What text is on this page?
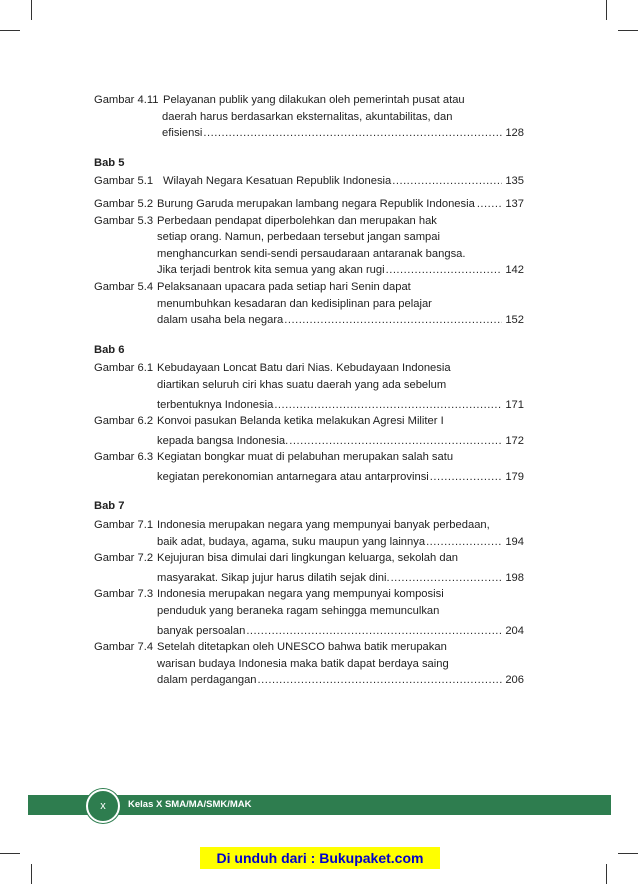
Gambar 4.11 Pelayanan publik yang dilakukan oleh pemerintah pusat atau
daerah harus berdasarkan eksternalitas, akuntabilitas, dan
efisiensi .....	128
Bab 5
Gambar 5.1 Wilayah Negara Kesatuan Republik Indonesia .....	135
Gambar 5.2 Burung Garuda merupakan lambang negara Republik Indonesia .....	137
Gambar 5.3 Perbedaan pendapat diperbolehkan dan merupakan hak
setiap orang. Namun, perbedaan tersebut jangan sampai
menghancurkan sendi-sendi persaudaraan antaranak bangsa.
Jika terjadi bentrok kita semua yang akan rugi .....	142
Gambar 5.4 Pelaksanaan upacara pada setiap hari Senin dapat
menumbuhkan kesadaran dan kedisiplinan para pelajar
dalam usaha bela negara .....	152
Bab 6
Gambar 6.1 Kebudayaan Loncat Batu dari Nias. Kebudayaan Indonesia
diartikan seluruh ciri khas suatu daerah yang ada sebelum
terbentuknya Indonesia .....	171
Gambar 6.2 Konvoi pasukan Belanda ketika melakukan Agresi Militer I
kepada bangsa Indonesia. .....	172
Gambar 6.3 Kegiatan bongkar muat di pelabuhan merupakan salah satu
kegiatan perekonomian antarnegara atau antarprovinsi .....	179
Bab 7
Gambar 7.1 Indonesia merupakan negara yang mempunyai banyak perbedaan,
baik adat, budaya, agama, suku maupun yang lainnya .....	194
Gambar 7.2 Kejujuran bisa dimulai dari lingkungan keluarga, sekolah dan
masyarakat. Sikap jujur harus dilatih sejak dini. .....	198
Gambar 7.3 Indonesia merupakan negara yang mempunyai komposisi
penduduk yang beraneka ragam sehingga memunculkan
banyak persoalan .....	204
Gambar 7.4 Setelah ditetapkan oleh UNESCO bahwa batik merupakan
warisan budaya Indonesia maka batik dapat berdaya saing
dalam perdagangan .....	206
x	Kelas X SMA/MA/SMK/MAK
Di unduh dari : Bukupaket.com
